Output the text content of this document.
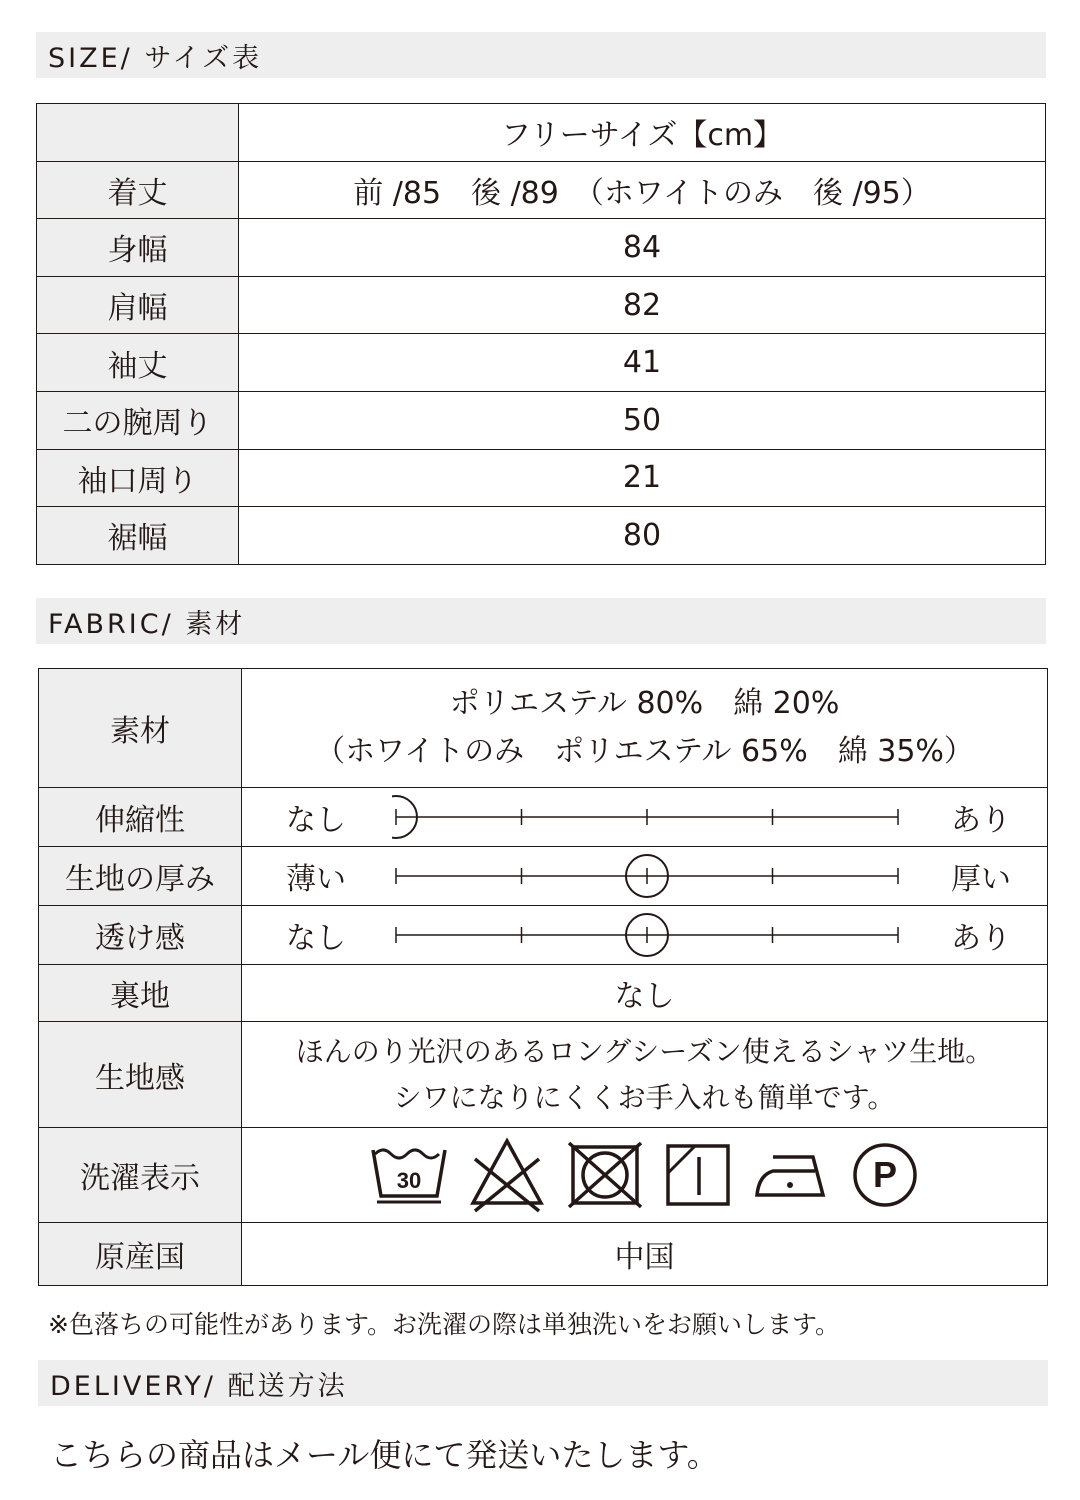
SIZE/ サイズ表
	フリーサイズ【cm】
着丈	前 /85　後 /89　（ホワイトのみ　後 /95）
身幅	84
肩幅	82
袖丈	41
二の腕周り	50
袖口周り	21
裾幅	80
FABRIC/ 素材
素材	ポリエステル 80%　綿 20%
（ホワイトのみ　ポリエステル 65%　綿 35%）

伸縮性	なし あり

生地の厚み	薄い 厚い

透け感	なし あり

裏地	なし
生地感	ほんのり光沢のあるロングシーズン使えるシャツ生地。
シワになりにくくお手入れも簡単です。

洗濯表示	30 P

原産国	中国
※色落ちの可能性があります。お洗濯の際は単独洗いをお願いします。
DELIVERY/ 配送方法
こちらの商品はメール便にて発送いたします。
